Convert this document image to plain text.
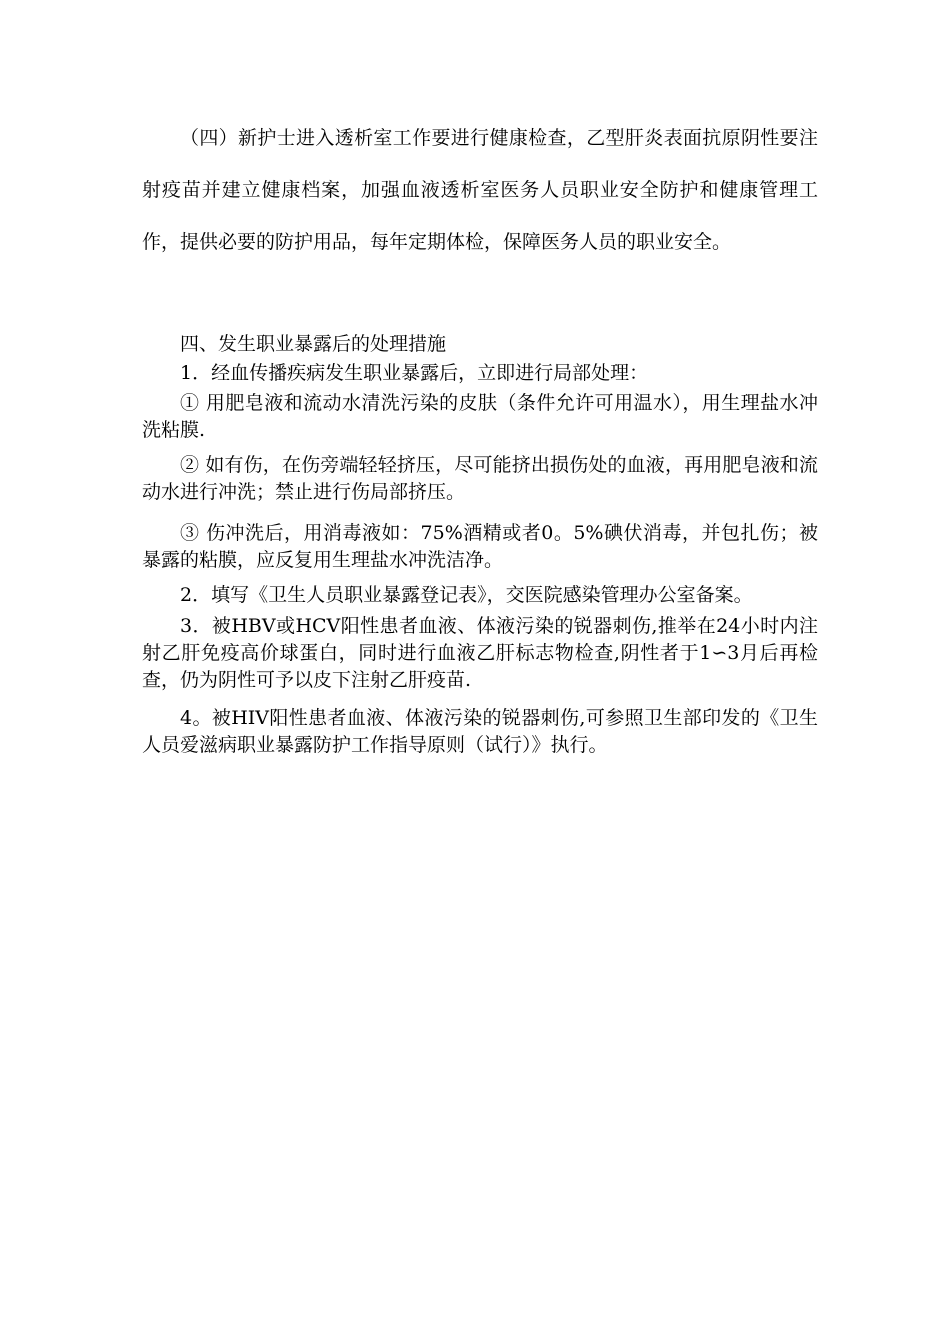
（四）新护士进入透析室工作要进行健康检查，乙型肝炎表面抗原阴性要注射疫苗并建立健康档案，加强血液透析室医务人员职业安全防护和健康管理工作，提供必要的防护用品，每年定期体检，保障医务人员的职业安全。

四、发生职业暴露后的处理措施

1．经血传播疾病发生职业暴露后，立即进行局部处理：

① 用肥皂液和流动水清洗污染的皮肤（条件允许可用温水），用生理盐水冲洗粘膜.

② 如有伤，在伤旁端轻轻挤压，尽可能挤出损伤处的血液，再用肥皂液和流动水进行冲洗；禁止进行伤局部挤压。

③ 伤冲洗后，用消毒液如：75%酒精或者0。5%碘伏消毒，并包扎伤；被暴露的粘膜，应反复用生理盐水冲洗洁净。

2．填写《卫生人员职业暴露登记表》，交医院感染管理办公室备案。

3．被HBV或HCV阳性患者血液、体液污染的锐器刺伤,推举在24小时内注射乙肝免疫高价球蛋白，同时进行血液乙肝标志物检查,阴性者于1∽3月后再检查，仍为阴性可予以皮下注射乙肝疫苗.

4。被HIV阳性患者血液、体液污染的锐器刺伤,可参照卫生部印发的《卫生人员爱滋病职业暴露防护工作指导原则（试行）》执行。
